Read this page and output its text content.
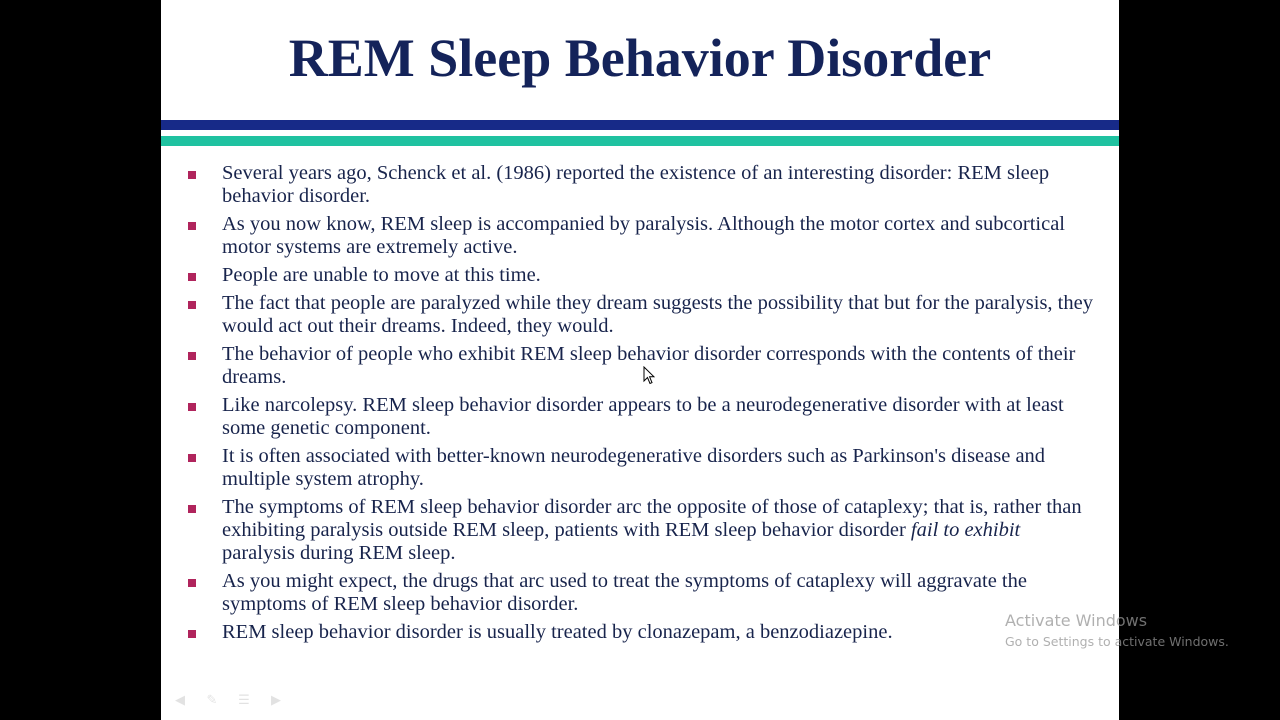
REM Sleep Behavior Disorder
Several years ago, Schenck et al. (1986) reported the existence of an interesting disorder: REM sleep behavior disorder.
As you now know, REM sleep is accompanied by paralysis. Although the motor cortex and subcortical motor systems are extremely active.
People are unable to move at this time.
The fact that people are paralyzed while they dream suggests the possibility that but for the paralysis, they would act out their dreams. Indeed, they would.
The behavior of people who exhibit REM sleep behavior disorder corresponds with the contents of their dreams.
Like narcolepsy. REM sleep behavior disorder appears to be a neurodegenerative disorder with at least some genetic component.
It is often associated with better-known neurodegenerative disorders such as Parkinson's disease and multiple system atrophy.
The symptoms of REM sleep behavior disorder arc the opposite of those of cataplexy; that is, rather than exhibiting paralysis outside REM sleep, patients with REM sleep behavior disorder fail to exhibit paralysis during REM sleep.
As you might expect, the drugs that arc used to treat the symptoms of cataplexy will aggravate the symptoms of REM sleep behavior disorder.
REM sleep behavior disorder is usually treated by clonazepam, a benzodiazepine.
◀	✎ ☰	▶
Activate Windows
Go to Settings to activate Windows.
